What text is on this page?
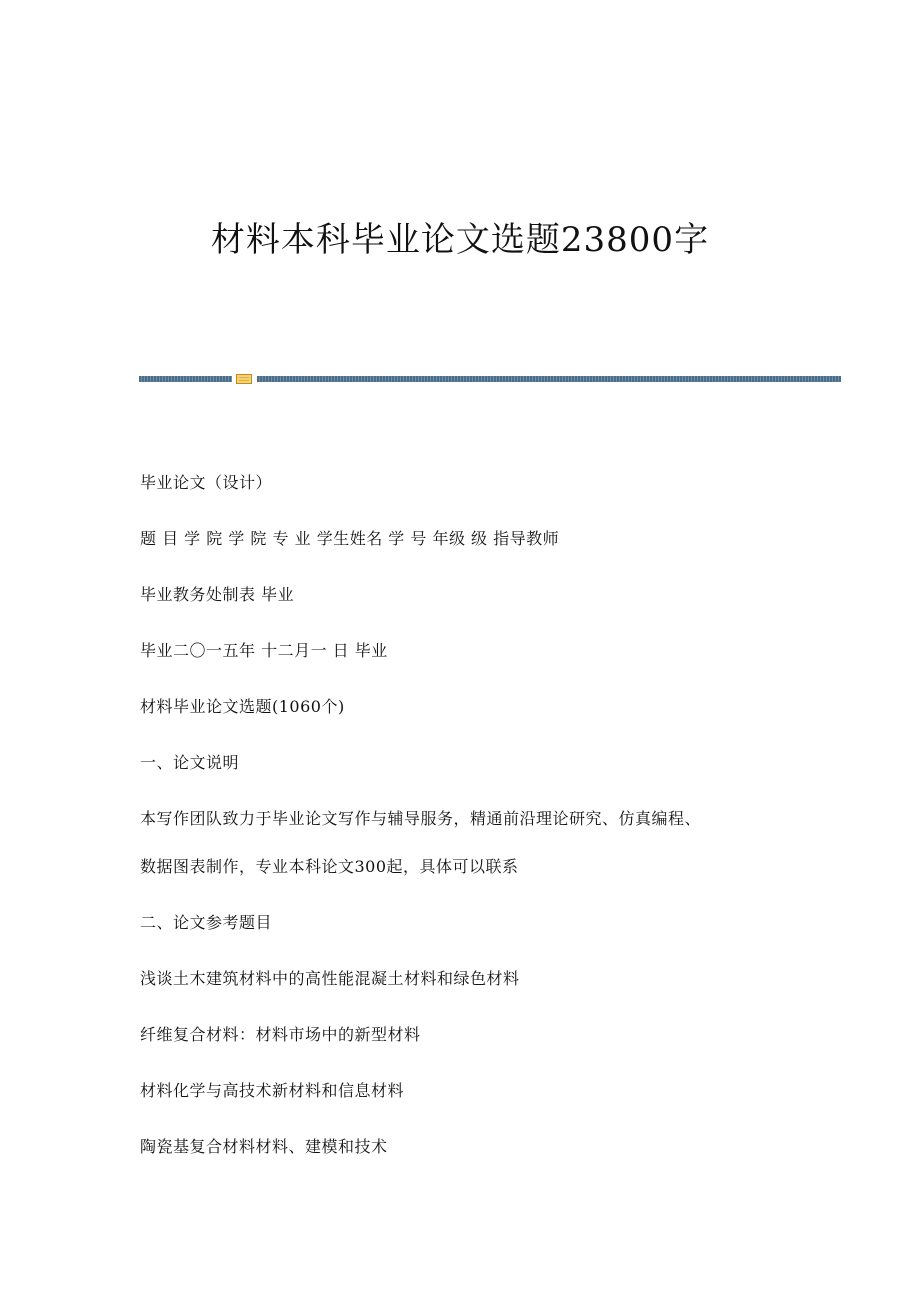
材料本科毕业论文选题23800字
毕业论文（设计）
题 目 学 院 学 院 专 业 学生姓名 学 号 年级 级 指导教师
毕业教务处制表 毕业
毕业二〇一五年 十二月一 日 毕业
材料毕业论文选题(1060个)
一、论文说明
本写作团队致力于毕业论文写作与辅导服务，精通前沿理论研究、仿真编程、
数据图表制作，专业本科论文300起，具体可以联系
二、论文参考题目
浅谈土木建筑材料中的高性能混凝土材料和绿色材料
纤维复合材料：材料市场中的新型材料
材料化学与高技术新材料和信息材料
陶瓷基复合材料材料、建模和技术
